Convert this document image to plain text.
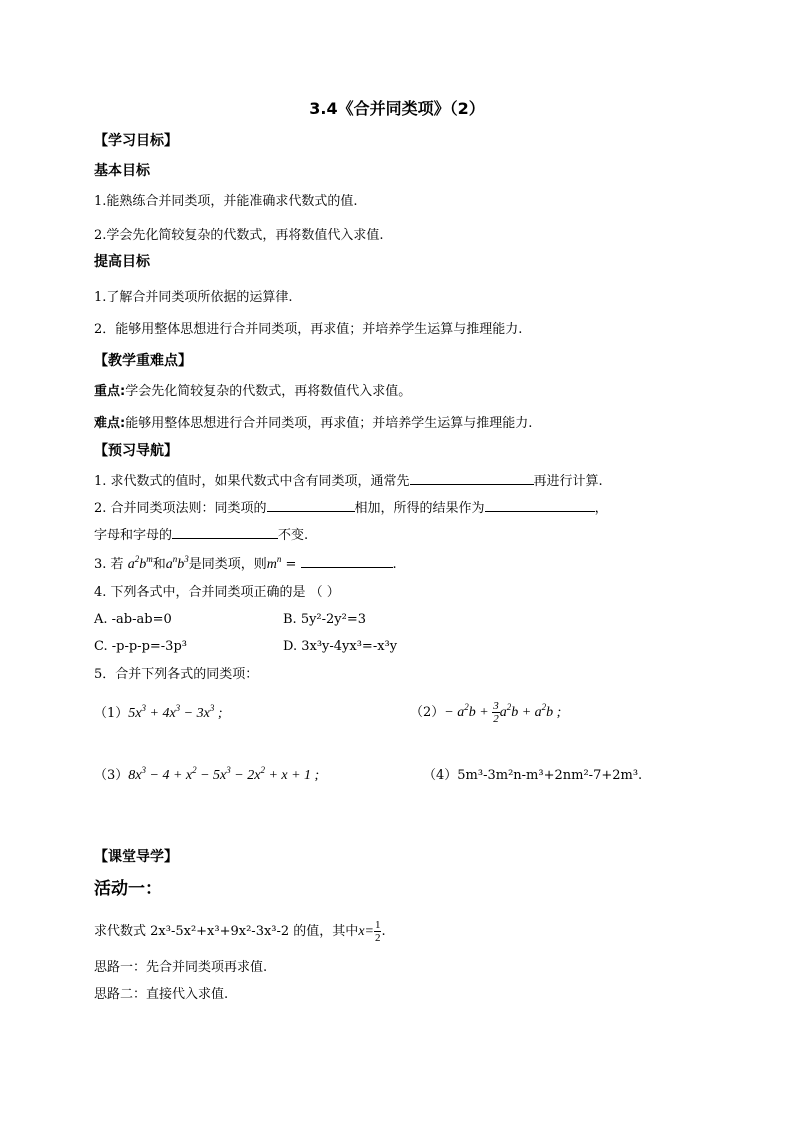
3.4《合并同类项》（2）
【学习目标】
基本目标
1.能熟练合并同类项，并能准确求代数式的值.
2.学会先化简较复杂的代数式，再将数值代入求值.
提高目标
1.了解合并同类项所依据的运算律.
2．能够用整体思想进行合并同类项，再求值；并培养学生运算与推理能力.
【教学重难点】
重点:学会先化简较复杂的代数式，再将数值代入求值。
难点:能够用整体思想进行合并同类项，再求值；并培养学生运算与推理能力.
【预习导航】
1. 求代数式的值时，如果代数式中含有同类项，通常先	再进行计算.
2. 合并同类项法则：同类项的	相加，所得的结果作为	，
字母和字母的	不变.
3. 若 $a^2b^m$和$a^nb^3$是同类项，则$m^n$ =	.
4. 下列各式中，合并同类项正确的是 （ ）
A. -ab-ab=0	B. 5y²-2y²=3
C. -p-p-p=-3p³	D. 3x³y-4yx³=-x³y
5．合并下列各式的同类项：
$(1)5x^3 + 4x^3 - 3x^3$ ;	$(2)- a^2b + \frac{3}{2} a^2b + a^2b$ ;
$(3)8x^3 - 4 + x^2 - 5x^3 - 2x^2 + x + 1$ ;	（4）5m³-3m²n-m³+2nm²-7+2m³.
【课堂导学】
活动一：
求代数式 2x³-5x²+x³+9x²-3x³-2 的值，其中$x= \frac{1}{2}$ .
思路一：先合并同类项再求值.
思路二：直接代入求值.
